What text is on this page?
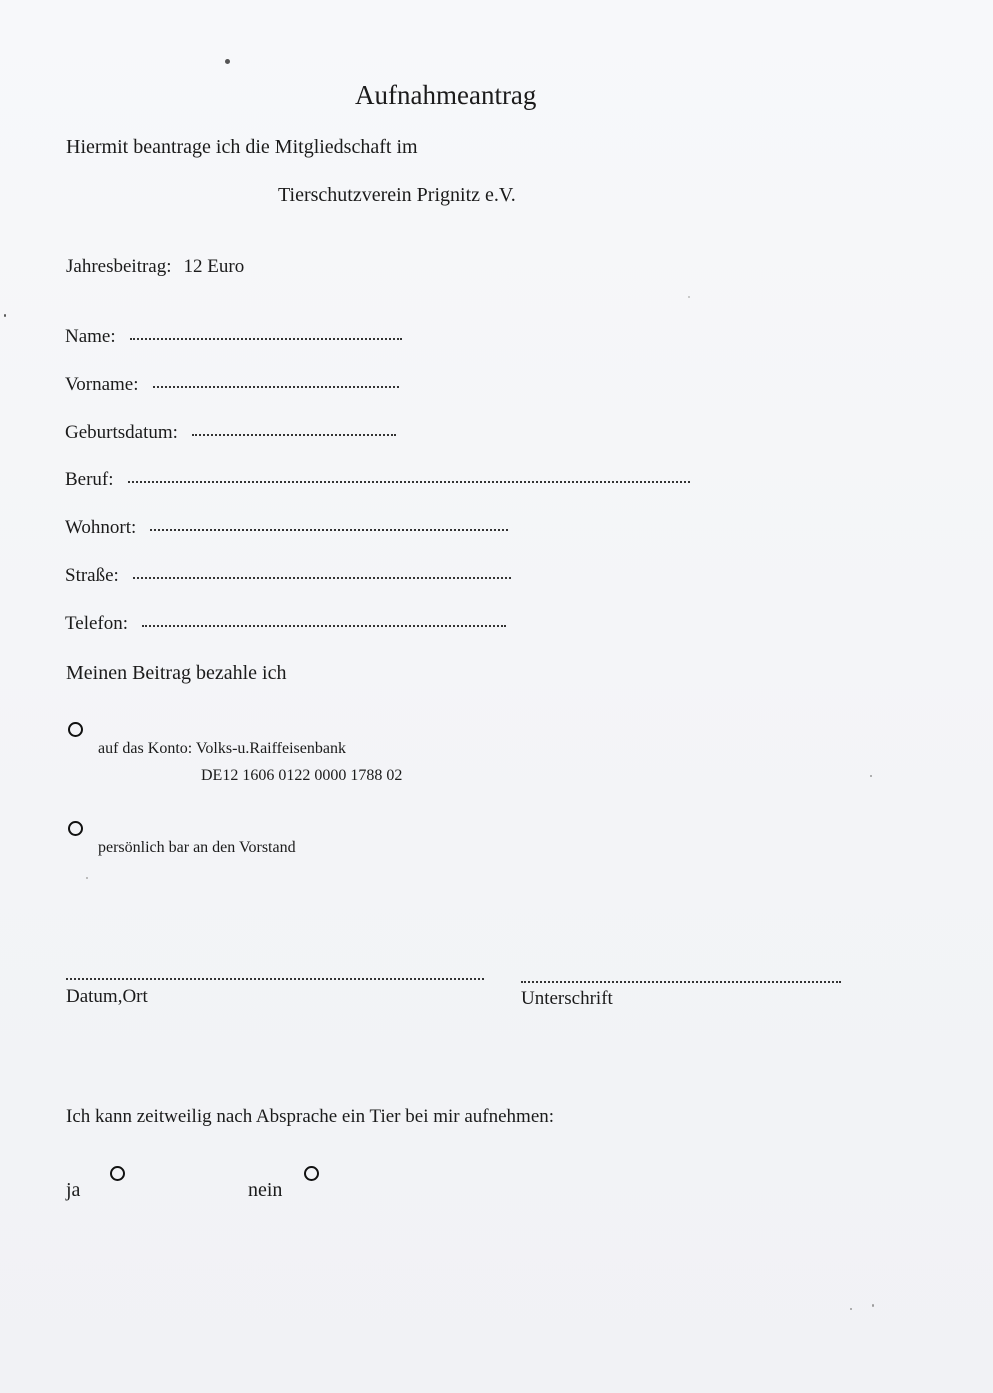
Aufnahmeantrag
Hiermit beantrage ich die Mitgliedschaft im
Tierschutzverein Prignitz e.V.
Jahresbeitrag: 12 Euro
Name:
Vorname:
Geburtsdatum:
Beruf:
Wohnort:
Straße:
Telefon:
Meinen Beitrag bezahle ich
auf das Konto: Volks-u.Raiffeisenbank
DE12 1606 0122 0000 1788 02
persönlich bar an den Vorstand
Datum,Ort	Unterschrift
Ich kann zeitweilig nach Absprache ein Tier bei mir aufnehmen:
ja	nein
